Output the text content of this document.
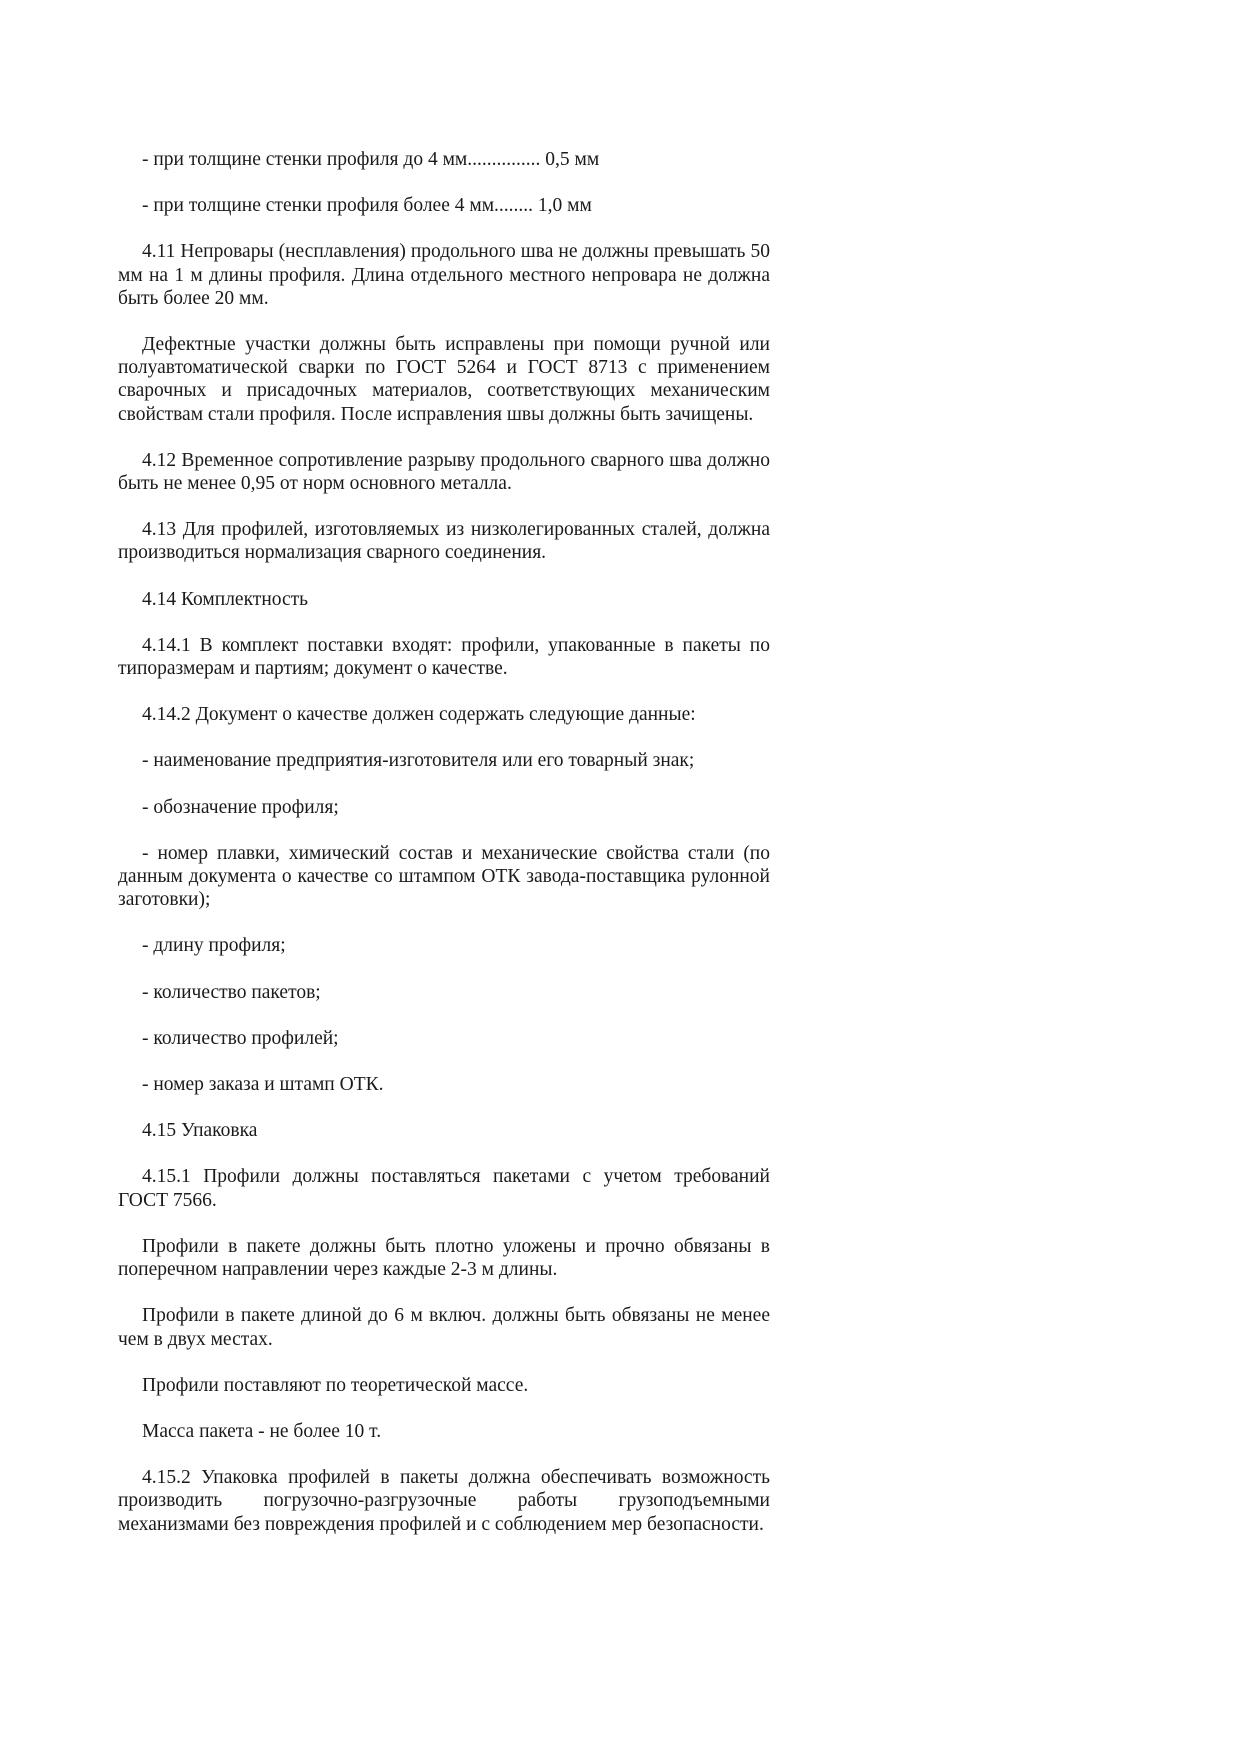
- при толщине стенки профиля до 4 мм............... 0,5 мм

- при толщине стенки профиля более 4 мм........ 1,0 мм

4.11 Непровары (несплавления) продольного шва не должны превышать 50 мм на 1 м длины профиля. Длина отдельного местного непровара не должна быть более 20 мм.

Дефектные участки должны быть исправлены при помощи ручной или полуавтоматической сварки по ГОСТ 5264 и ГОСТ 8713 с применением сварочных и присадочных материалов, соответствующих механическим свойствам стали профиля. После исправления швы должны быть зачищены.

4.12 Временное сопротивление разрыву продольного сварного шва должно быть не менее 0,95 от норм основного металла.

4.13 Для профилей, изготовляемых из низколегированных сталей, должна производиться нормализация сварного соединения.

4.14 Комплектность

4.14.1 В комплект поставки входят: профили, упакованные в пакеты по типоразмерам и партиям; документ о качестве.

4.14.2 Документ о качестве должен содержать следующие данные:

- наименование предприятия-изготовителя или его товарный знак;

- обозначение профиля;

- номер плавки, химический состав и механические свойства стали (по данным документа о качестве со штампом ОТК завода-поставщика рулонной заготовки);

- длину профиля;

- количество пакетов;

- количество профилей;

- номер заказа и штамп ОТК.

4.15 Упаковка

4.15.1 Профили должны поставляться пакетами с учетом требований ГОСТ 7566.

Профили в пакете должны быть плотно уложены и прочно обвязаны в поперечном направлении через каждые 2-3 м длины.

Профили в пакете длиной до 6 м включ. должны быть обвязаны не менее чем в двух местах.

Профили поставляют по теоретической массе.

Масса пакета - не более 10 т.

4.15.2 Упаковка профилей в пакеты должна обеспечивать возможность производить погрузочно-разгрузочные работы грузоподъемными механизмами без повреждения профилей и с соблюдением мер безопасности.
